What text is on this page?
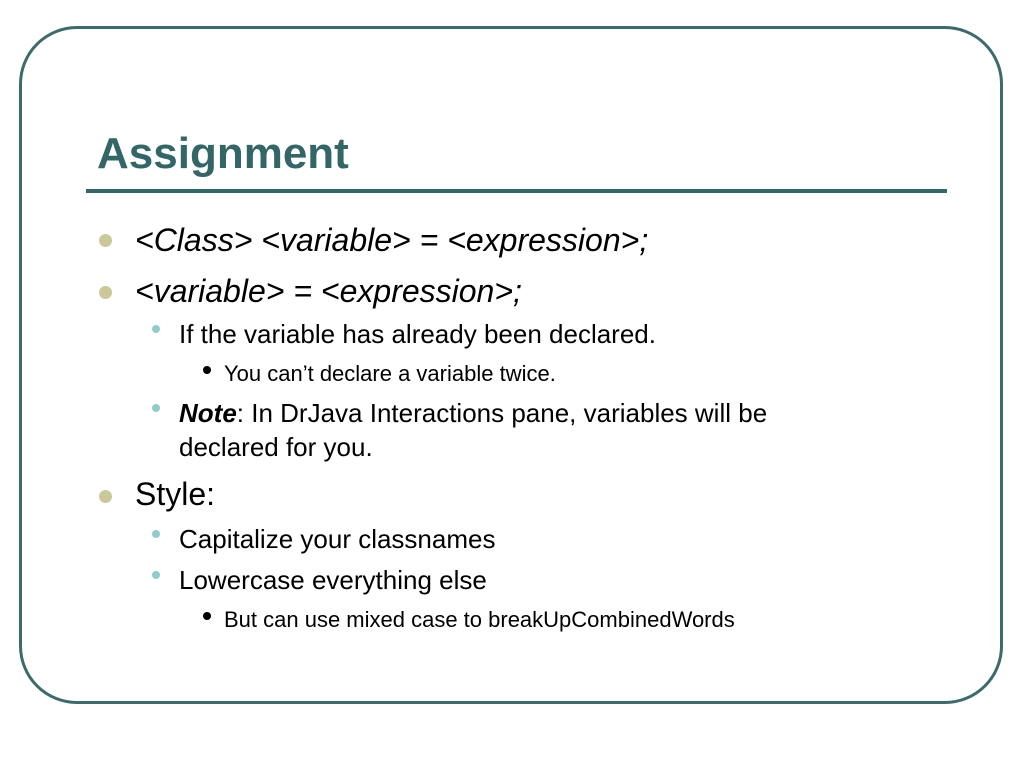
Assignment
<Class> <variable> = <expression>;
<variable> = <expression>;
If the variable has already been declared.
You can’t declare a variable twice.
Note: In DrJava Interactions pane, variables will be
declared for you.
Style:
Capitalize your classnames
Lowercase everything else
But can use mixed case to breakUpCombinedWords
